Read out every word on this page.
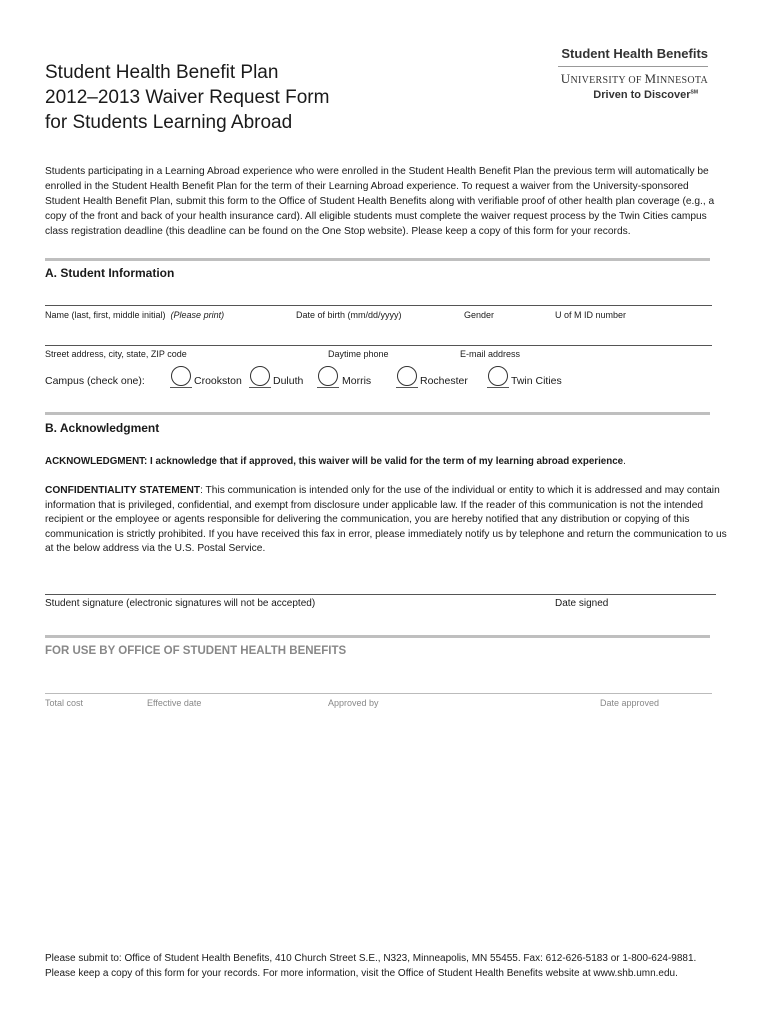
Student Health Benefit Plan
2012–2013 Waiver Request Form
for Students Learning Abroad
Student Health Benefits
UNIVERSITY OF MINNESOTA
Driven to Discover℠
Students participating in a Learning Abroad experience who were enrolled in the Student Health Benefit Plan the previous term will automatically be enrolled in the Student Health Benefit Plan for the term of their Learning Abroad experience. To request a waiver from the University-sponsored Student Health Benefit Plan, submit this form to the Office of Student Health Benefits along with verifiable proof of other health plan coverage (e.g., a copy of the front and back of your health insurance card). All eligible students must complete the waiver request process by the Twin Cities campus class registration deadline (this deadline can be found on the One Stop website). Please keep a copy of this form for your records.
A. Student Information
Name (last, first, middle initial) (Please print)	Date of birth (mm/dd/yyyy)	Gender	U of M ID number
Street address, city, state, ZIP code	Daytime phone	E-mail address
Campus (check one):	Crookston	Duluth	Morris	Rochester	Twin Cities
B. Acknowledgment
ACKNOWLEDGMENT: I acknowledge that if approved, this waiver will be valid for the term of my learning abroad experience.
CONFIDENTIALITY STATEMENT: This communication is intended only for the use of the individual or entity to which it is addressed and may contain information that is privileged, confidential, and exempt from disclosure under applicable law. If the reader of this communication is not the intended recipient or the employee or agents responsible for delivering the communication, you are hereby notified that any distribution or copying of this communication is strictly prohibited. If you have received this fax in error, please immediately notify us by telephone and return the communication to us at the below address via the U.S. Postal Service.
Student signature (electronic signatures will not be accepted)	Date signed
FOR USE BY OFFICE OF STUDENT HEALTH BENEFITS
Total cost	Effective date	Approved by	Date approved
Please submit to: Office of Student Health Benefits, 410 Church Street S.E., N323, Minneapolis, MN 55455. Fax: 612-626-5183 or 1-800-624-9881.
Please keep a copy of this form for your records. For more information, visit the Office of Student Health Benefits website at www.shb.umn.edu.
